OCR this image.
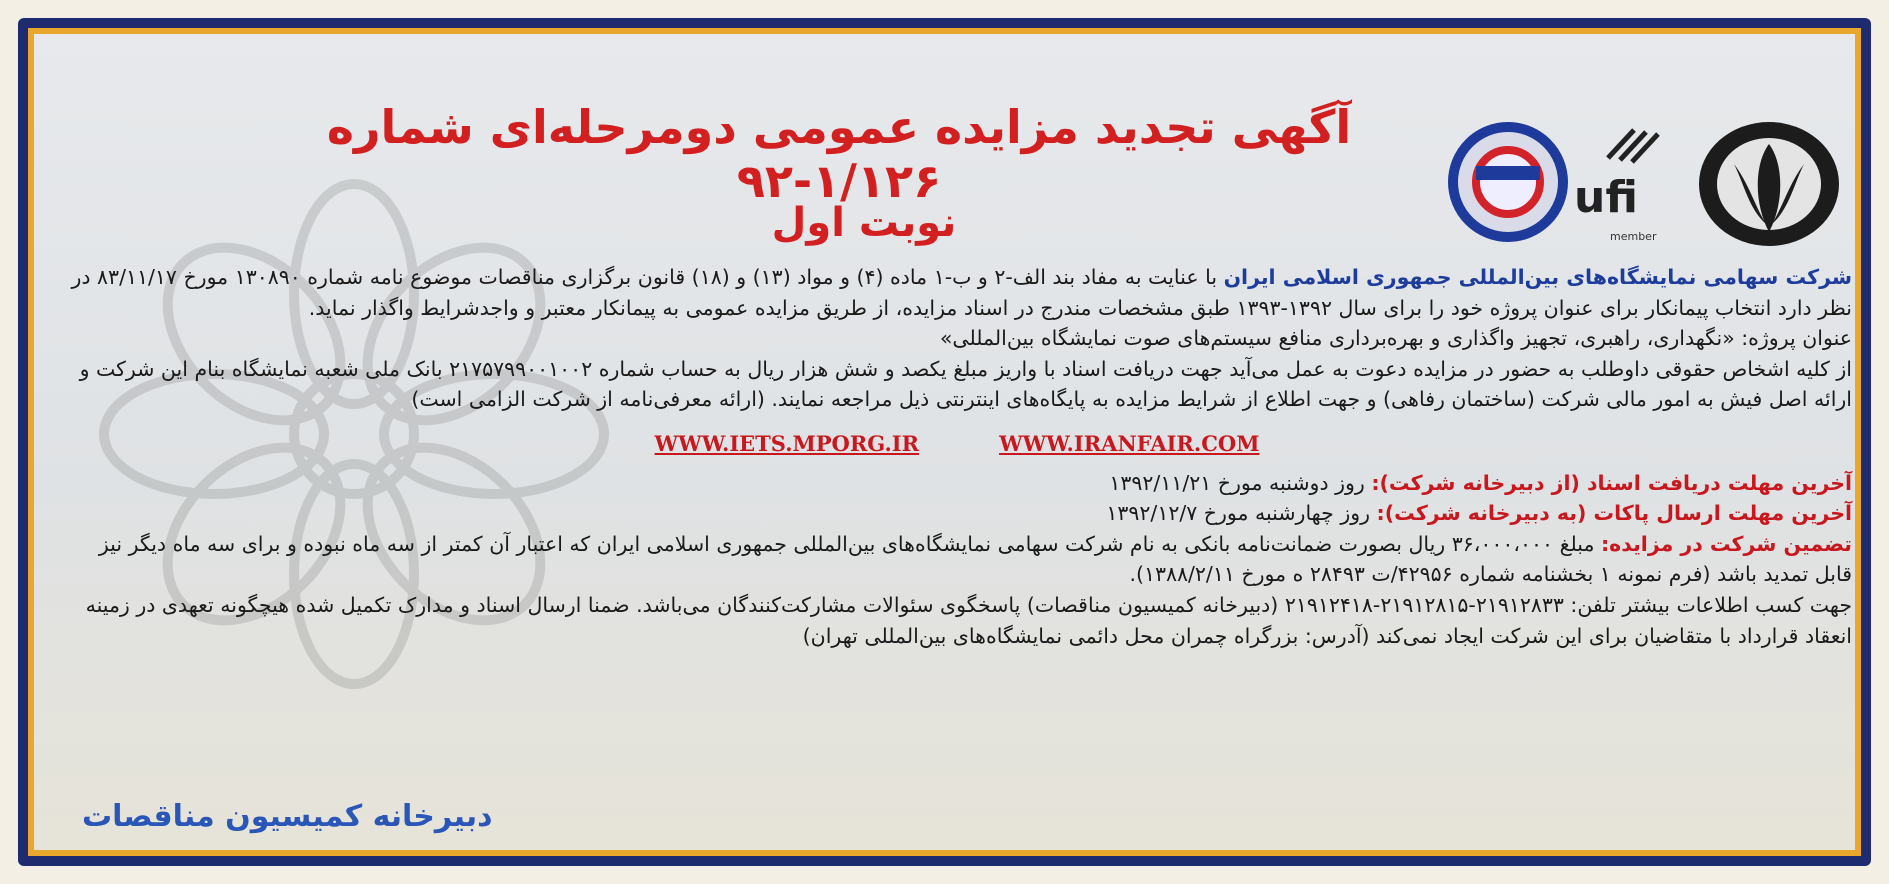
ufi
member
آگهی تجدید مزایده عمومی دومرحله‌ای شماره ۱/۱۲۶-۹۲
نوبت اول

شرکت سهامی نمایشگاه‌های بین‌المللی جمهوری اسلامی ایران با عنایت به مفاد بند الف-۲ و ب-۱ ماده (۴) و مواد (۱۳) و (۱۸) قانون برگزاری مناقصات موضوع نامه شماره ۱۳۰۸۹۰ مورخ ۸۳/۱۱/۱۷ در نظر دارد انتخاب پیمانکار برای عنوان پروژه خود را برای سال ۱۳۹۲-۱۳۹۳ طبق مشخصات مندرج در اسناد مزایده، از طریق مزایده عمومی به پیمانکار معتبر و واجدشرایط واگذار نماید.

عنوان پروژه: «نگهداری، راهبری، تجهیز واگذاری و بهره‌برداری منافع سیستم‌های صوت نمایشگاه بین‌المللی»

از کلیه اشخاص حقوقی داوطلب به حضور در مزایده دعوت به عمل می‌آید جهت دریافت اسناد با واریز مبلغ یکصد و شش هزار ریال به حساب شماره ۲۱۷۵۷۹۹۰۰۱۰۰۲ بانک ملی شعبه نمایشگاه بنام این شرکت و ارائه اصل فیش به امور مالی شرکت (ساختمان رفاهی) و جهت اطلاع از شرایط مزایده به پایگاه‌های اینترنتی ذیل مراجعه نمایند. (ارائه معرفی‌نامه از شرکت الزامی است)

WWW.IETS.MPORG.IR	WWW.IRANFAIR.COM

آخرین مهلت دریافت اسناد (از دبیرخانه شرکت): روز دوشنبه مورخ ۱۳۹۲/۱۱/۲۱

آخرین مهلت ارسال پاکات (به دبیرخانه شرکت): روز چهارشنبه مورخ ۱۳۹۲/۱۲/۷

تضمین شرکت در مزایده: مبلغ ۳۶،۰۰۰،۰۰۰ ریال بصورت ضمانت‌نامه بانکی به نام شرکت سهامی نمایشگاه‌های بین‌المللی جمهوری اسلامی ایران که اعتبار آن کمتر از سه ماه نبوده و برای سه ماه دیگر نیز قابل تمدید باشد (فرم نمونه ۱ بخشنامه شماره ۴۲۹۵۶/ت ۲۸۴۹۳ ه مورخ ۱۳۸۸/۲/۱۱).

جهت کسب اطلاعات بیشتر تلفن: ۲۱۹۱۲۸۳۳-۲۱۹۱۲۸۱۵-۲۱۹۱۲۴۱۸ (دبیرخانه کمیسیون مناقصات) پاسخگوی سئوالات مشارکت‌کنندگان می‌باشد. ضمنا ارسال اسناد و مدارک تکمیل شده هیچگونه تعهدی در زمینه انعقاد قرارداد با متقاضیان برای این شرکت ایجاد نمی‌کند (آدرس: بزرگراه چمران محل دائمی نمایشگاه‌های بین‌المللی تهران)

دبیرخانه کمیسیون مناقصات
